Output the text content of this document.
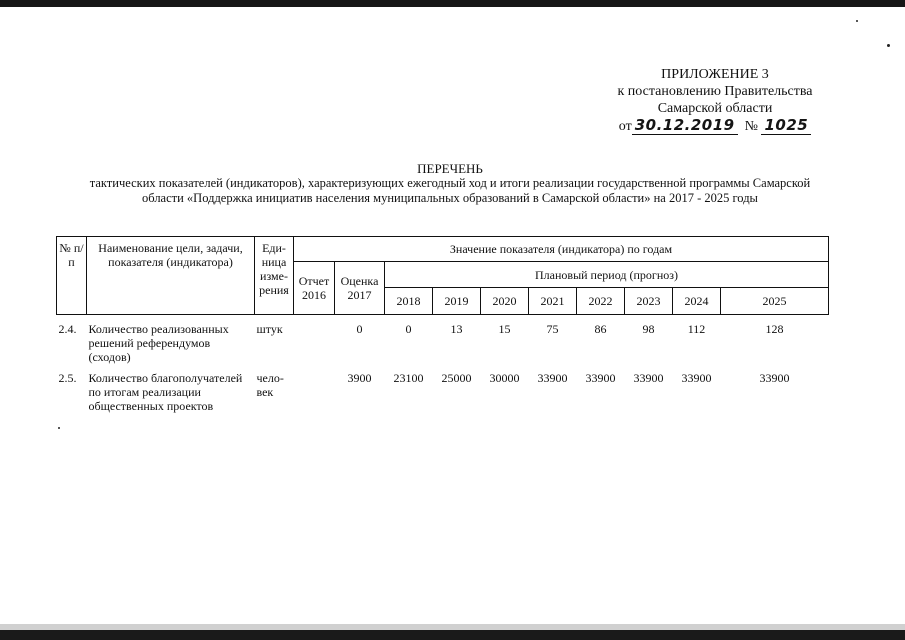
ПРИЛОЖЕНИЕ 3
к постановлению Правительства
Самарской области
от 30.12.2019 № 1025
ПЕРЕЧЕНЬ
тактических показателей (индикаторов), характеризующих ежегодный ход и итоги реализации государственной программы Самарской
области «Поддержка инициатив населения муниципальных образований в Самарской области» на 2017 - 2025 годы
№ п/п	Наименование цели, задачи, показателя (индикатора)	Еди-ница изме-рения	Значение показателя (индикатора) по годам									
			Отчет 2016	Оценка 2017	Плановый период (прогноз)							
					2018	2019	2020	2021	2022	2023	2024	2025
2.4.	Количество реализованных решений референдумов (сходов)	штук		0	0	13	15	75	86	98	112	128
2.5.	Количество благополучателей по итогам реализации общественных проектов	чело-век		3900	23100	25000	30000	33900	33900	33900	33900	33900
